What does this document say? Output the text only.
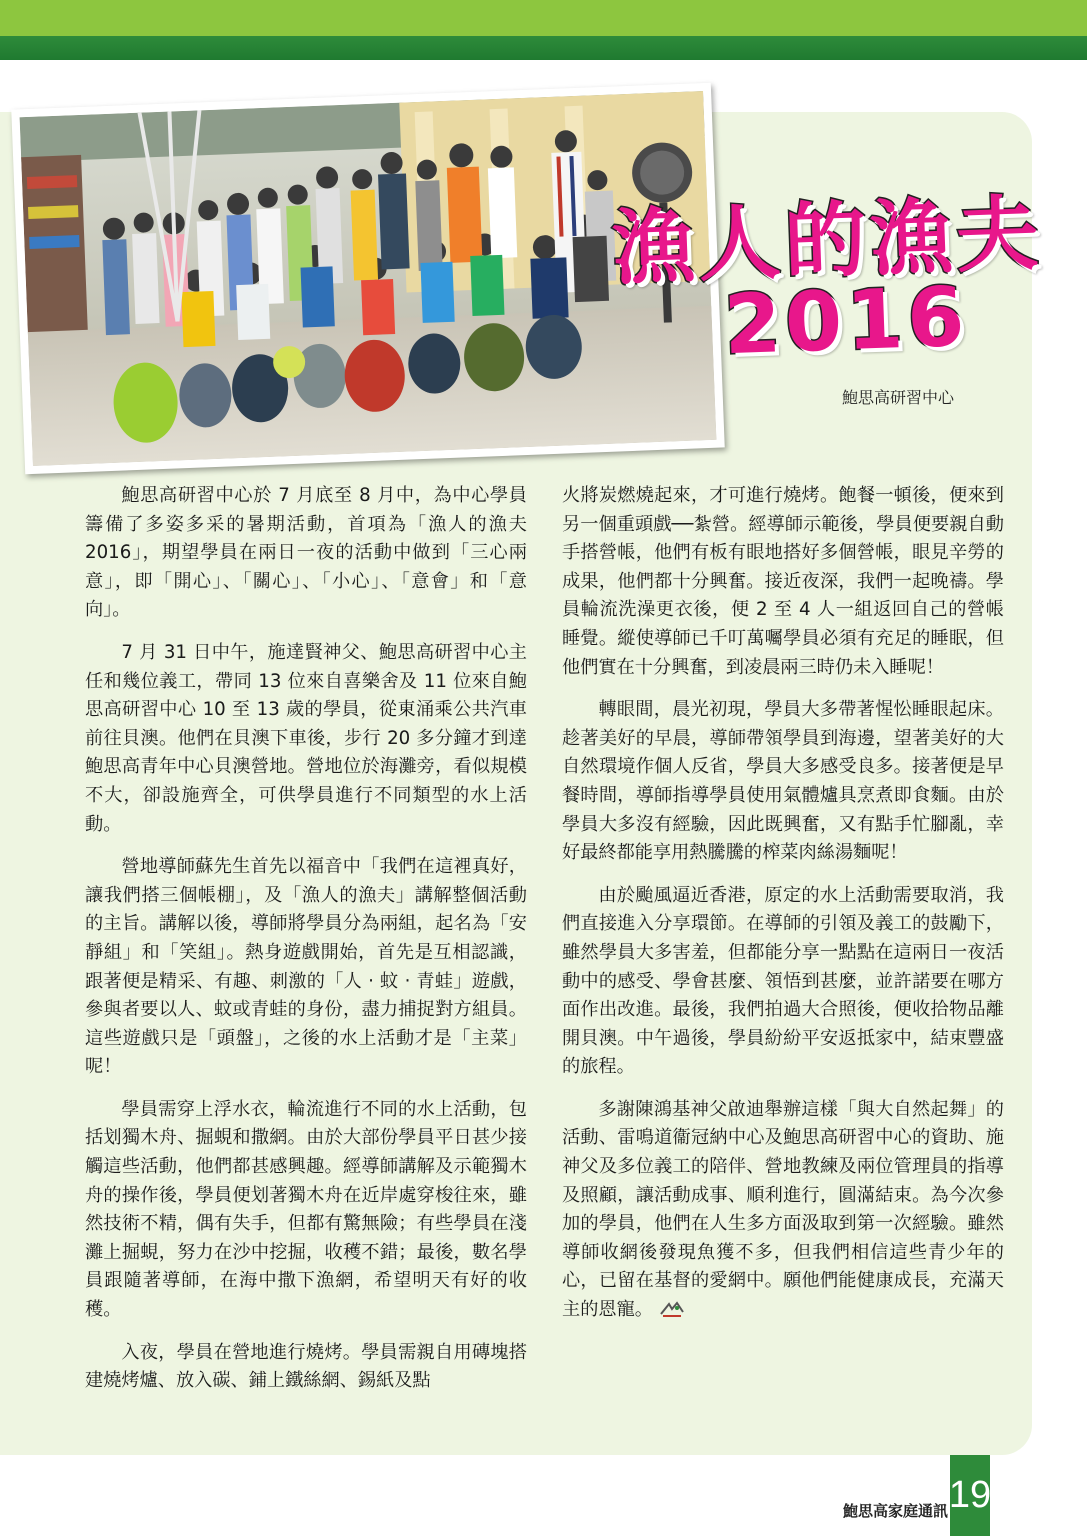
漁人的漁夫
2016
鮑思高研習中心

鮑思高研習中心於 7 月底至 8 月中，為中心學員籌備了多姿多采的暑期活動，首項為「漁人的漁夫 2016」，期望學員在兩日一夜的活動中做到「三心兩意」，即「開心」、「關心」、「小心」、「意會」和「意向」。

7 月 31 日中午，施達賢神父、鮑思高研習中心主任和幾位義工，帶同 13 位來自喜樂舍及 11 位來自鮑思高研習中心 10 至 13 歲的學員，從東涌乘公共汽車前往貝澳。他們在貝澳下車後，步行 20 多分鐘才到達鮑思高青年中心貝澳營地。營地位於海灘旁，看似規模不大，卻設施齊全，可供學員進行不同類型的水上活動。

營地導師蘇先生首先以福音中「我們在這裡真好，讓我們搭三個帳棚」，及「漁人的漁夫」講解整個活動的主旨。講解以後，導師將學員分為兩組，起名為「安靜組」和「笑組」。熱身遊戲開始，首先是互相認識，跟著便是精采、有趣、刺激的「人 ‧ 蚊 ‧ 青蛙」遊戲，參與者要以人、蚊或青蛙的身份，盡力捕捉對方組員。這些遊戲只是「頭盤」，之後的水上活動才是「主菜」呢！

學員需穿上浮水衣，輪流進行不同的水上活動，包括划獨木舟、掘蜆和撒網。由於大部份學員平日甚少接觸這些活動，他們都甚感興趣。經導師講解及示範獨木舟的操作後，學員便划著獨木舟在近岸處穿梭往來，雖然技術不精，偶有失手，但都有驚無險；有些學員在淺灘上掘蜆，努力在沙中挖掘，收穫不錯；最後，數名學員跟隨著導師，在海中撒下漁網，希望明天有好的收穫。

入夜，學員在營地進行燒烤。學員需親自用磚塊搭建燒烤爐、放入碳、鋪上鐵絲網、錫紙及點

火將炭燃燒起來，才可進行燒烤。飽餐一頓後，便來到另一個重頭戲──紮營。經導師示範後，學員便要親自動手搭營帳，他們有板有眼地搭好多個營帳，眼見辛勞的成果，他們都十分興奮。接近夜深，我們一起晚禱。學員輪流洗澡更衣後，便 2 至 4 人一組返回自己的營帳睡覺。縱使導師已千叮萬囑學員必須有充足的睡眠，但他們實在十分興奮，到凌晨兩三時仍未入睡呢！

轉眼間，晨光初現，學員大多帶著惺忪睡眼起床。趁著美好的早晨，導師帶領學員到海邊，望著美好的大自然環境作個人反省，學員大多感受良多。接著便是早餐時間，導師指導學員使用氣體爐具烹煮即食麵。由於學員大多沒有經驗，因此既興奮，又有點手忙腳亂，幸好最終都能享用熱騰騰的榨菜肉絲湯麵呢！

由於颱風逼近香港，原定的水上活動需要取消，我們直接進入分享環節。在導師的引領及義工的鼓勵下，雖然學員大多害羞，但都能分享一點點在這兩日一夜活動中的感受、學會甚麼、領悟到甚麼，並許諾要在哪方面作出改進。最後，我們拍過大合照後，便收拾物品離開貝澳。中午過後，學員紛紛平安返抵家中，結束豐盛的旅程。

多謝陳鴻基神父啟迪舉辦這樣「與大自然起舞」的活動、雷鳴道衞冠納中心及鮑思高研習中心的資助、施神父及多位義工的陪伴、營地教練及兩位管理員的指導及照顧，讓活動成事、順利進行，圓滿結束。為今次參加的學員，他們在人生多方面汲取到第一次經驗。雖然導師收網後發現魚獲不多，但我們相信這些青少年的心，已留在基督的愛網中。願他們能健康成長，充滿天主的恩寵。

鮑思高家庭通訊 19
